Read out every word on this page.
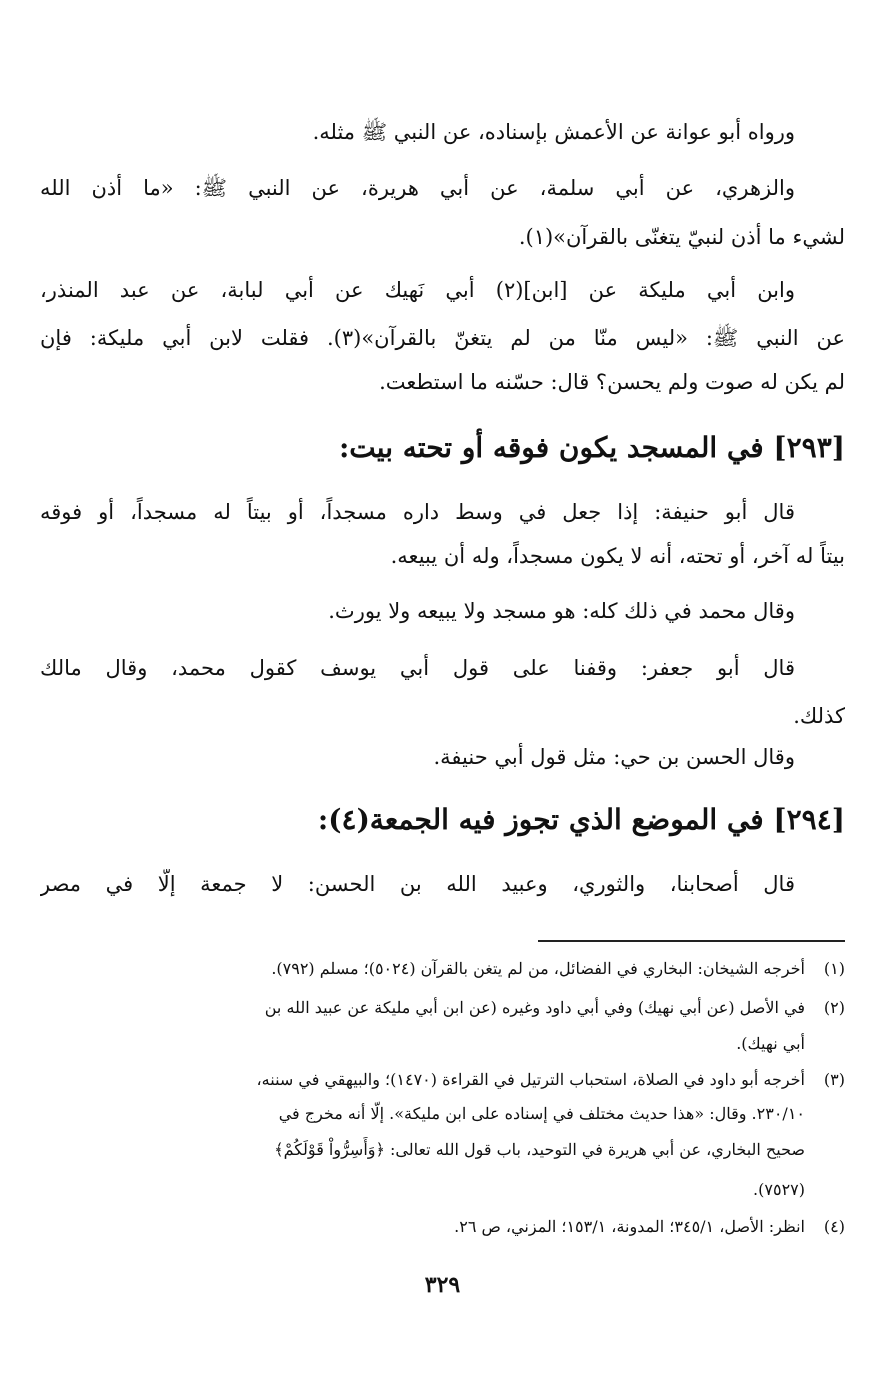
ورواه أبو عوانة عن الأعمش بإسناده، عن النبي ﷺ مثله.
والزهري، عن أبي سلمة، عن أبي هريرة، عن النبي ﷺ: «ما أذن الله
لشيء ما أذن لنبيّ يتغنّى بالقرآن»(١).
وابن أبي مليكة عن [ابن](٢) أبي نَهيك عن أبي لبابة، عن عبد المنذر،
عن النبي ﷺ: «ليس منّا من لم يتغنّ بالقرآن»(٣). فقلت لابن أبي مليكة: فإن
لم يكن له صوت ولم يحسن؟ قال: حسّنه ما استطعت.
[٢٩٣] في المسجد يكون فوقه أو تحته بيت:
قال أبو حنيفة: إذا جعل في وسط داره مسجداً، أو بيتاً له مسجداً، أو فوقه
بيتاً له آخر، أو تحته، أنه لا يكون مسجداً، وله أن يبيعه.
وقال محمد في ذلك كله: هو مسجد ولا يبيعه ولا يورث.
قال أبو جعفر: وقفنا على قول أبي يوسف كقول محمد، وقال مالك
كذلك.
وقال الحسن بن حي: مثل قول أبي حنيفة.
[٢٩٤] في الموضع الذي تجوز فيه الجمعة(٤):
قال أصحابنا، والثوري، وعبيد الله بن الحسن: لا جمعة إلّا في مصر
(١)أخرجه الشيخان: البخاري في الفضائل، من لم يتغن بالقرآن (٥٠٢٤)؛ مسلم (٧٩٢).
(٢)في الأصل (عن أبي نهيك) وفي أبي داود وغيره (عن ابن أبي مليكة عن عبيد الله بن
أبي نهيك).
(٣)أخرجه أبو داود في الصلاة، استحباب الترتيل في القراءة (١٤٧٠)؛ والبيهقي في سننه،
٢٣٠/١٠. وقال: «هذا حديث مختلف في إسناده على ابن مليكة». إلّا أنه مخرج في
صحيح البخاري، عن أبي هريرة في التوحيد، باب قول الله تعالى: ﴿وَأَسِرُّواْ قَوْلَكُمْ﴾
(٧٥٢٧).
(٤)انظر: الأصل، ٣٤٥/١؛ المدونة، ١٥٣/١؛ المزني، ص ٢٦.
٣٢٩
